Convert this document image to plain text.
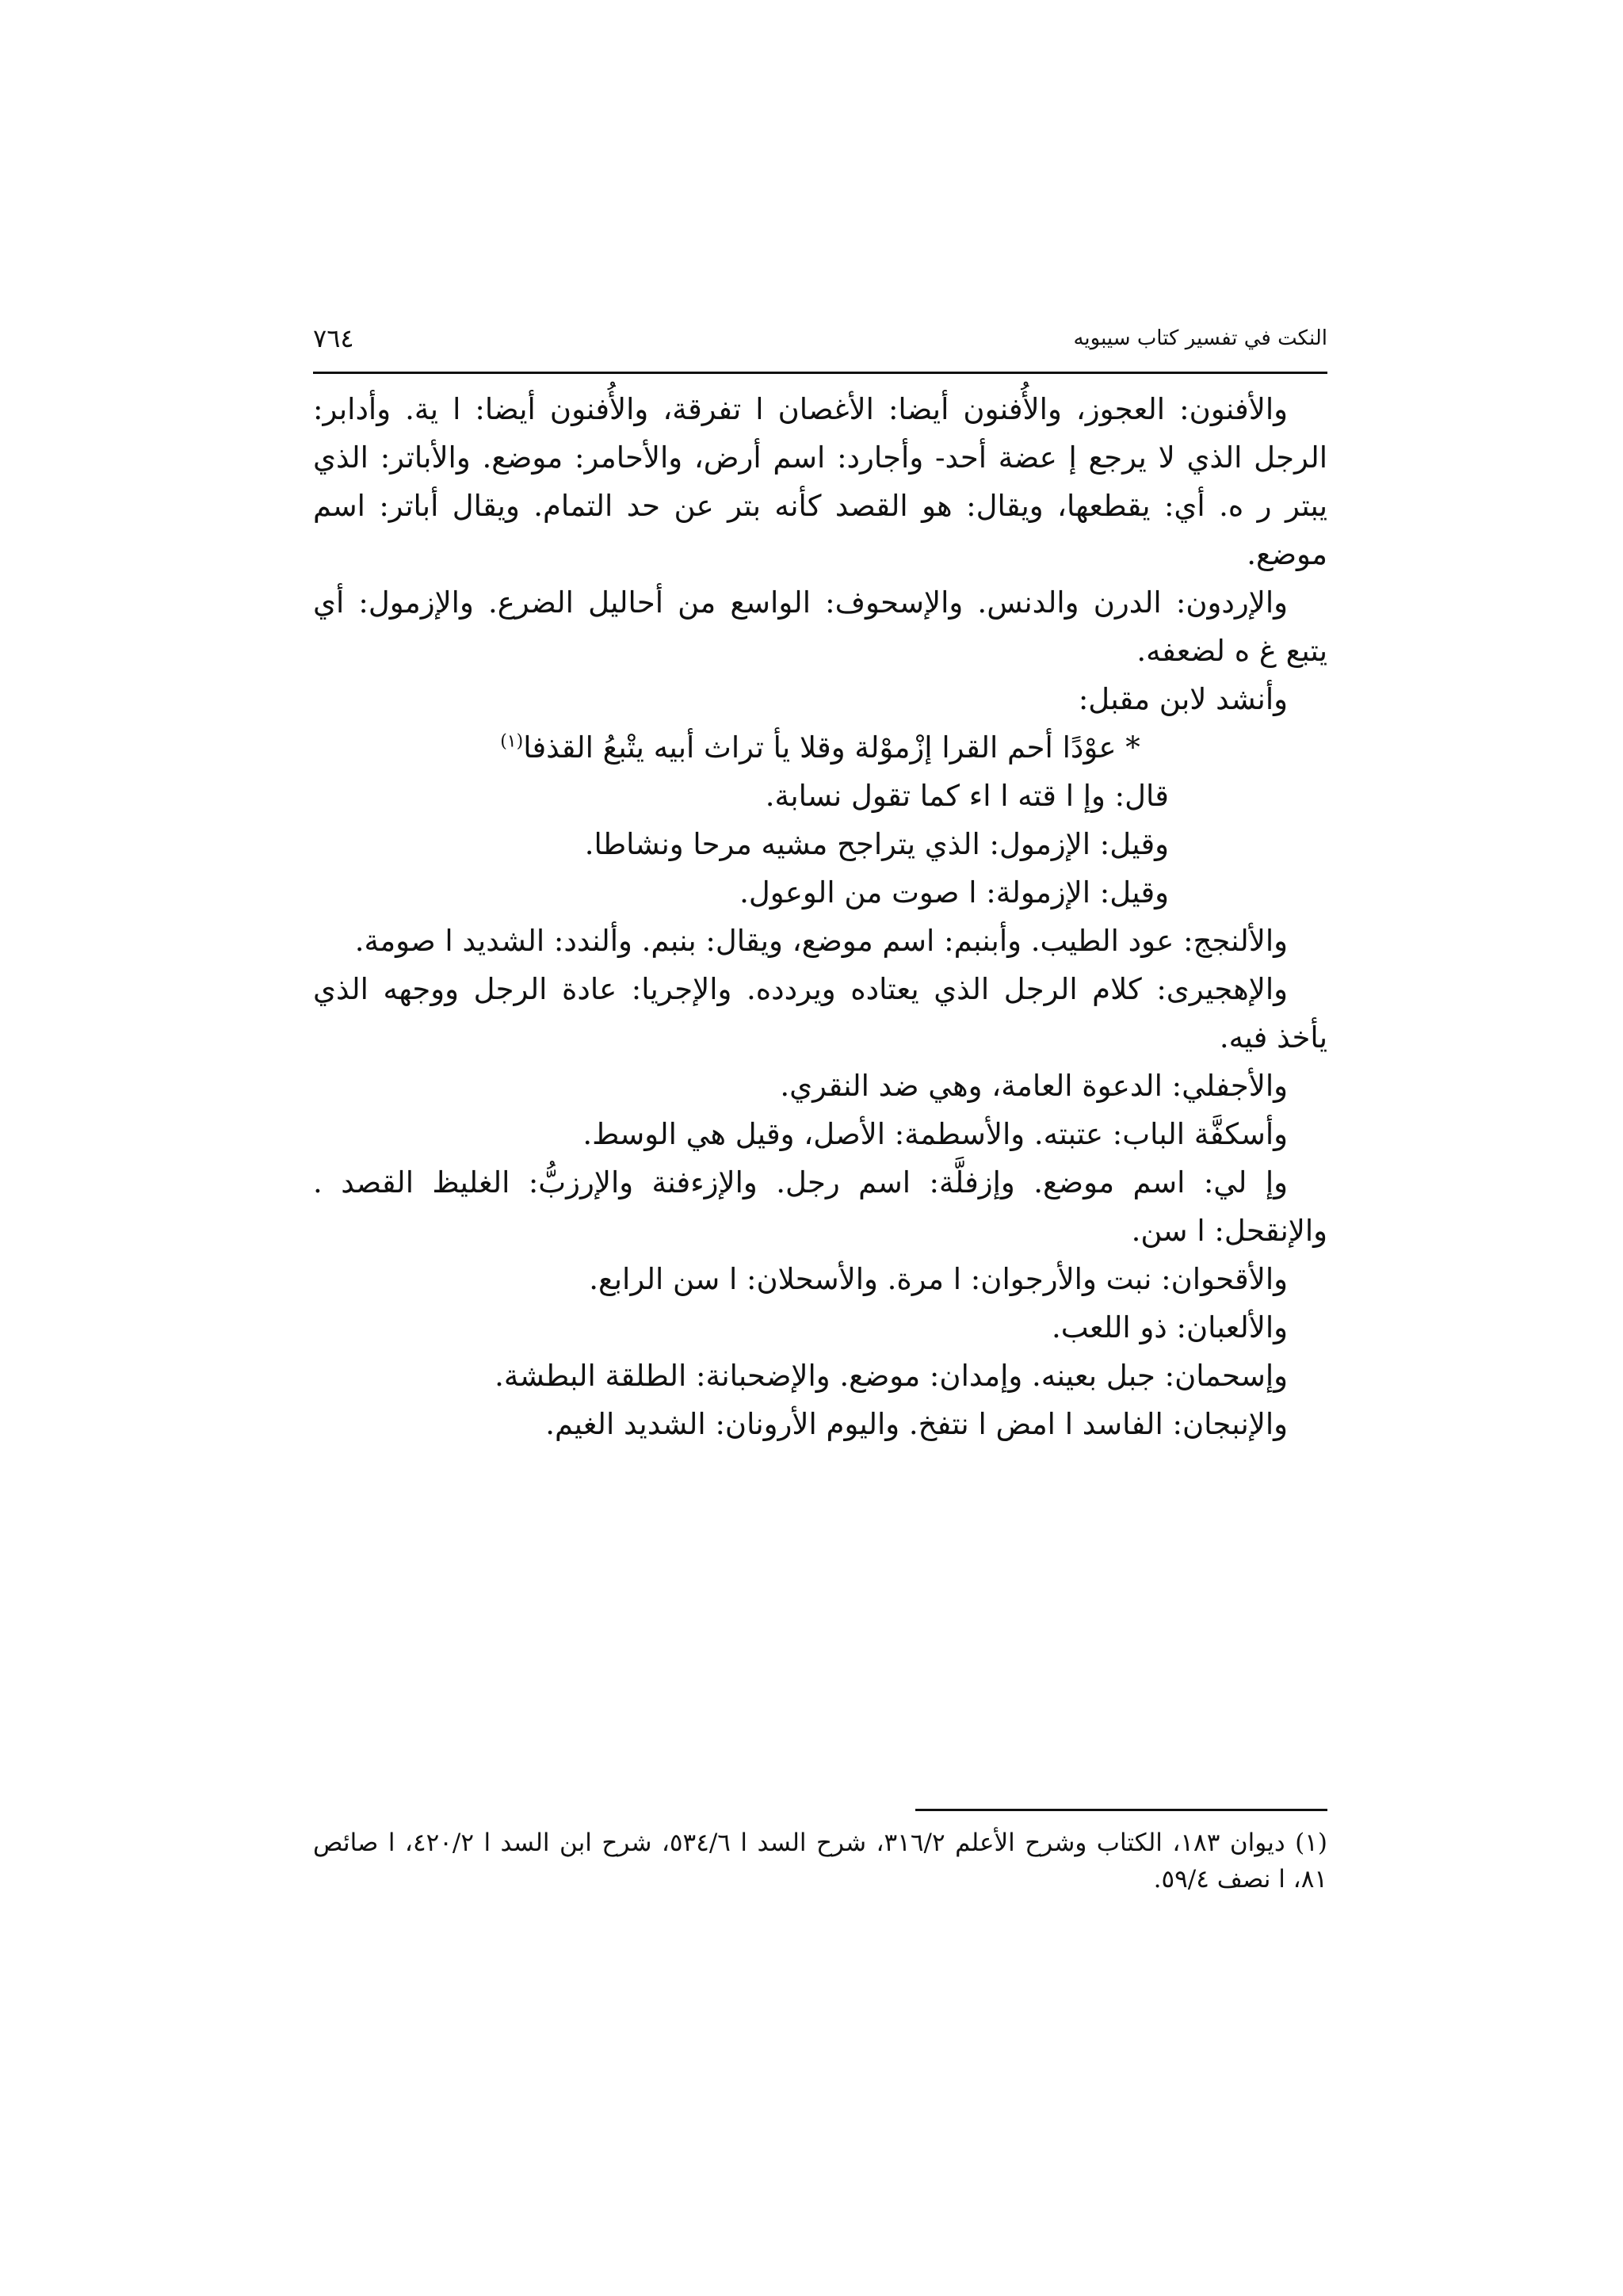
النكت في تفسير كتاب سيبويه
٧٦٤

والأفنون: العجوز، والأُفنون أيضا: الأغصان ا تفرقة، والأُفنون أيضا: ا ية. وأدابر: الرجل الذي لا يرجع إ عضة أحد- وأجارد: اسم أرض، والأحامر: موضع. والأباتر: الذي يبتر ر ه. أي: يقطعها، ويقال: هو القصد كأنه بتر عن حد التمام. ويقال أباتر: اسم موضع.

والإردون: الدرن والدنس. والإسحوف: الواسع من أحاليل الضرع. والإزمول: أي يتبع غ ه لضعفه.

وأنشد لابن مقبل:

* عوْدًا أحم القرا إزْموْلة وقلا يأ تراث أبيه يتْبعُ القذفا$^{(١)}$

قال: وإ ا قته ا اء كما تقول نسابة.

وقيل: الإزمول: الذي يتراجح مشيه مرحا ونشاطا.

وقيل: الإزمولة: ا صوت من الوعول.

والألنجج: عود الطيب. وأبنبم: اسم موضع، ويقال: بنبم. وألندد: الشديد ا صومة.

والإهجيرى: كلام الرجل الذي يعتاده ويردده. والإجريا: عادة الرجل ووجهه الذي يأخذ فيه.

والأجفلي: الدعوة العامة، وهي ضد النقري.

وأسكفَّة الباب: عتبته. والأسطمة: الأصل، وقيل هي الوسط.

وإ لي: اسم موضع. وإزفلَّة: اسم رجل. والإزءفنة والإرزبُّ: الغليظ القصد . والإنقحل: ا سن.

والأقحوان: نبت والأرجوان: ا مرة. والأسحلان: ا سن الرابع.

والألعبان: ذو اللعب.

وإسحمان: جبل بعينه. وإمدان: موضع. والإضحبانة: الطلقة البطشة.

والإنبجان: الفاسد ا امض ا نتفخ. واليوم الأرونان: الشديد الغيم.

(١) ديوان ١٨٣، الكتاب وشرح الأعلم ٣١٦/٢، شرح السد ا ٥٣٤/٦، شرح ابن السد ا ٤٢٠/٢، ا صائص ٨١، ا نصف ٥٩/٤.
